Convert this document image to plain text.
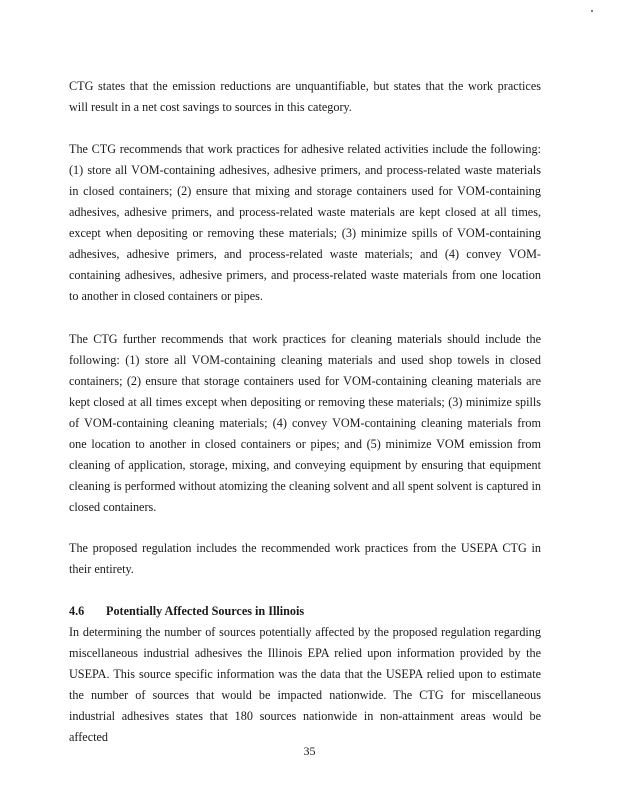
CTG states that the emission reductions are unquantifiable, but states that the work practices will result in a net cost savings to sources in this category.

The CTG recommends that work practices for adhesive related activities include the following: (1) store all VOM-containing adhesives, adhesive primers, and process-related waste materials in closed containers; (2) ensure that mixing and storage containers used for VOM-containing adhesives, adhesive primers, and process-related waste materials are kept closed at all times, except when depositing or removing these materials; (3) minimize spills of VOM-containing adhesives, adhesive primers, and process-related waste materials; and (4) convey VOM-containing adhesives, adhesive primers, and process-related waste materials from one location to another in closed containers or pipes.

The CTG further recommends that work practices for cleaning materials should include the following: (1) store all VOM-containing cleaning materials and used shop towels in closed containers; (2) ensure that storage containers used for VOM-containing cleaning materials are kept closed at all times except when depositing or removing these materials; (3) minimize spills of VOM-containing cleaning materials; (4) convey VOM-containing cleaning materials from one location to another in closed containers or pipes; and (5) minimize VOM emission from cleaning of application, storage, mixing, and conveying equipment by ensuring that equipment cleaning is performed without atomizing the cleaning solvent and all spent solvent is captured in closed containers.

The proposed regulation includes the recommended work practices from the USEPA CTG in their entirety.

4.6 Potentially Affected Sources in Illinois

In determining the number of sources potentially affected by the proposed regulation regarding miscellaneous industrial adhesives the Illinois EPA relied upon information provided by the USEPA. This source specific information was the data that the USEPA relied upon to estimate the number of sources that would be impacted nationwide. The CTG for miscellaneous industrial adhesives states that 180 sources nationwide in non-attainment areas would be affected

35
